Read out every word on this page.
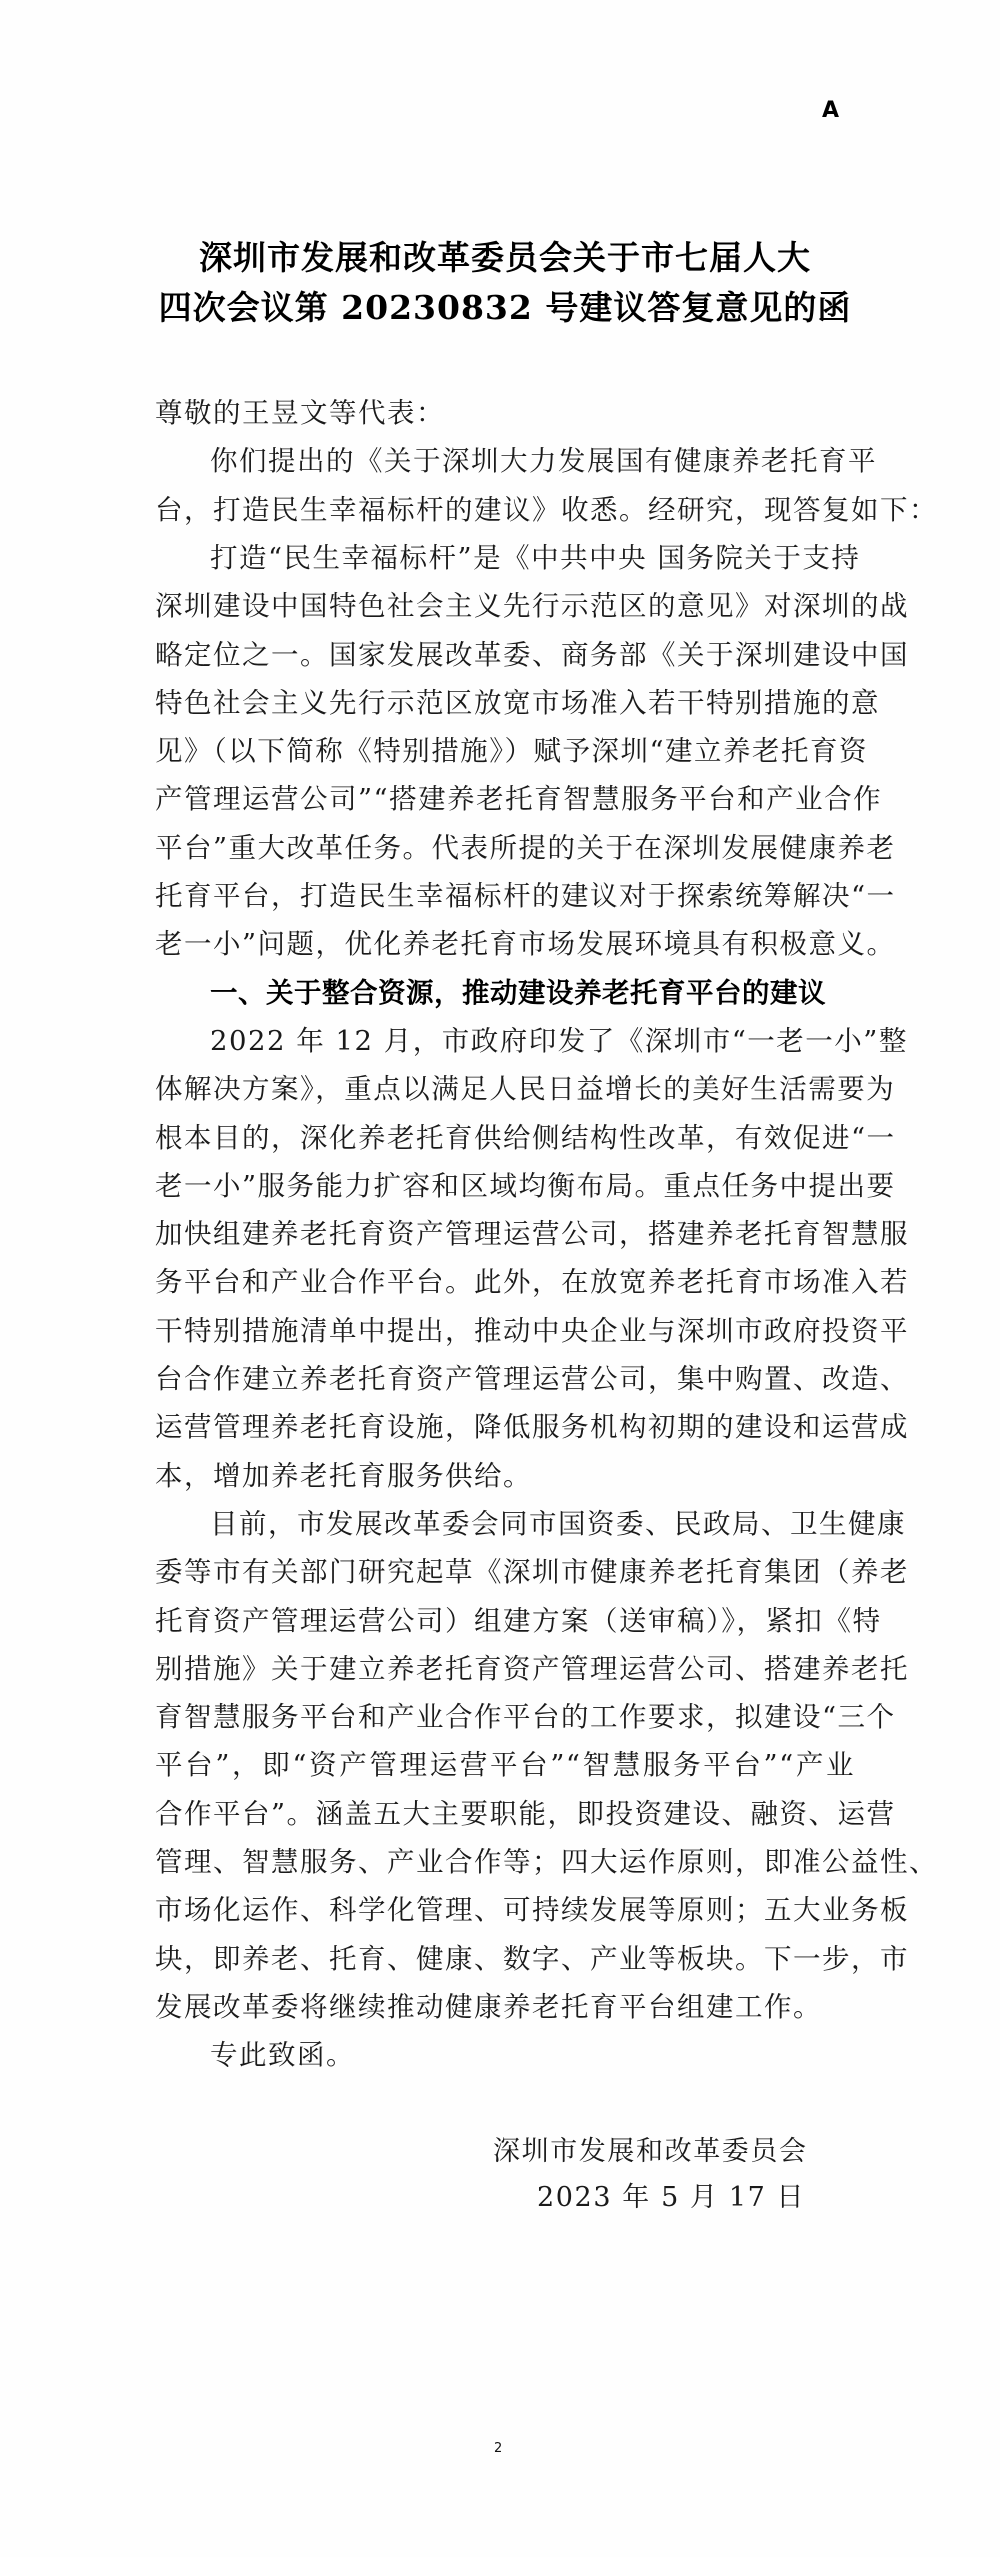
A
深圳市发展和改革委员会关于市七届人大
四次会议第 20230832 号建议答复意见的函
尊敬的王昱文等代表：
你们提出的《关于深圳大力发展国有健康养老托育平
台，打造民生幸福标杆的建议》收悉。经研究，现答复如下：
打造“民生幸福标杆”是《中共中央 国务院关于支持
深圳建设中国特色社会主义先行示范区的意见》对深圳的战
略定位之一。国家发展改革委、商务部《关于深圳建设中国
特色社会主义先行示范区放宽市场准入若干特别措施的意
见》（以下简称《特别措施》）赋予深圳“建立养老托育资
产管理运营公司”“搭建养老托育智慧服务平台和产业合作
平台”重大改革任务。代表所提的关于在深圳发展健康养老
托育平台，打造民生幸福标杆的建议对于探索统筹解决“一
老一小”问题，优化养老托育市场发展环境具有积极意义。
一、关于整合资源，推动建设养老托育平台的建议
2022 年 12 月，市政府印发了《深圳市“一老一小”整
体解决方案》，重点以满足人民日益增长的美好生活需要为
根本目的，深化养老托育供给侧结构性改革，有效促进“一
老一小”服务能力扩容和区域均衡布局。重点任务中提出要
加快组建养老托育资产管理运营公司，搭建养老托育智慧服
务平台和产业合作平台。此外，在放宽养老托育市场准入若
干特别措施清单中提出，推动中央企业与深圳市政府投资平
台合作建立养老托育资产管理运营公司，集中购置、改造、
运营管理养老托育设施，降低服务机构初期的建设和运营成
本，增加养老托育服务供给。
目前，市发展改革委会同市国资委、民政局、卫生健康
委等市有关部门研究起草《深圳市健康养老托育集团（养老
托育资产管理运营公司）组建方案（送审稿）》，紧扣《特
别措施》关于建立养老托育资产管理运营公司、搭建养老托
育智慧服务平台和产业合作平台的工作要求，拟建设“三个
平台”，即“资产管理运营平台”“智慧服务平台”“产业
合作平台”。涵盖五大主要职能，即投资建设、融资、运营
管理、智慧服务、产业合作等；四大运作原则，即准公益性、
市场化运作、科学化管理、可持续发展等原则；五大业务板
块，即养老、托育、健康、数字、产业等板块。下一步，市
发展改革委将继续推动健康养老托育平台组建工作。
专此致函。
深圳市发展和改革委员会
2023 年 5 月 17 日
2
